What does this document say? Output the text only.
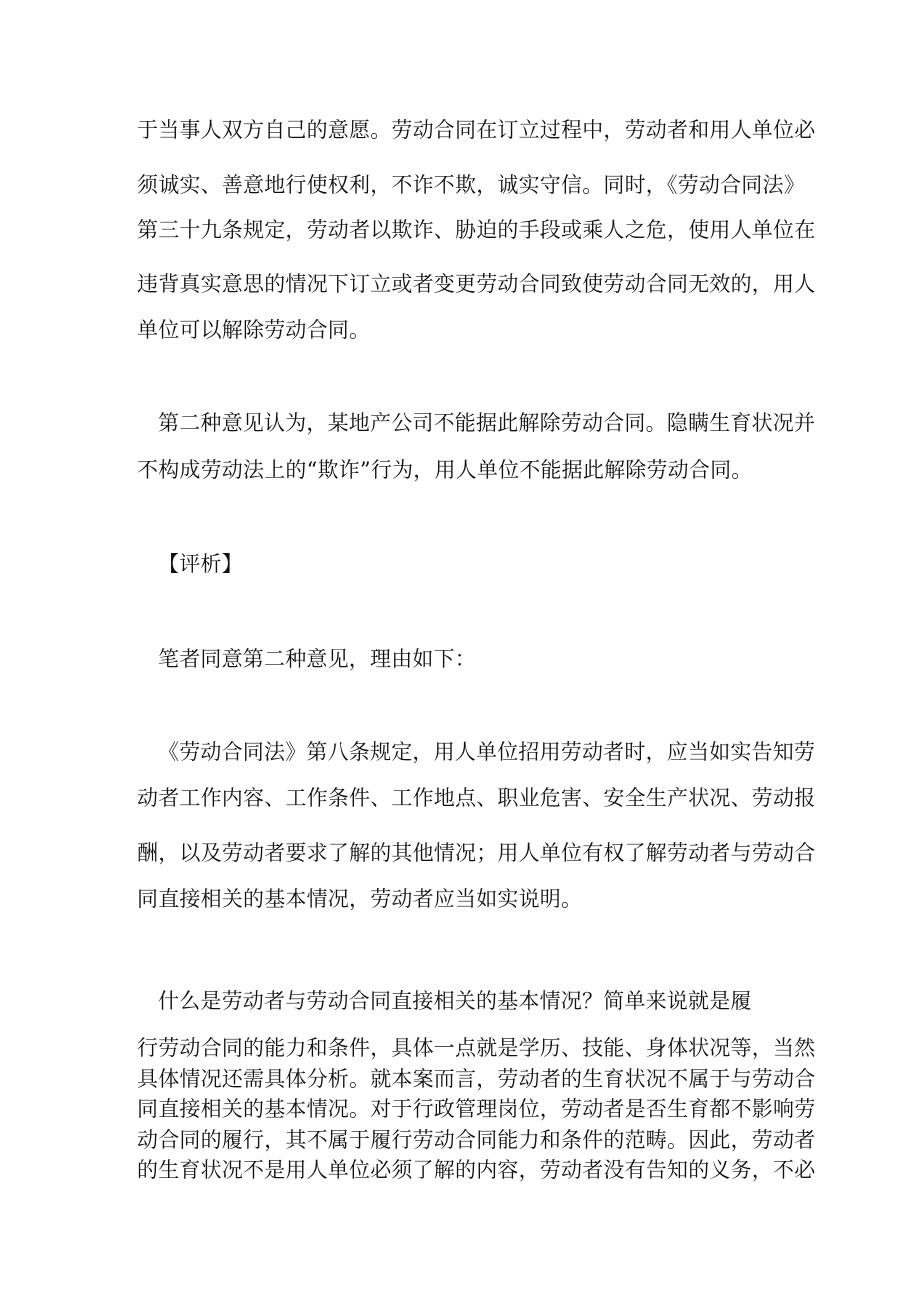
于当事人双方自己的意愿。劳动合同在订立过程中，劳动者和用人单位必
须诚实、善意地行使权利，不诈不欺，诚实守信。同时，《劳动合同法》
第三十九条规定，劳动者以欺诈、胁迫的手段或乘人之危，使用人单位在
违背真实意思的情况下订立或者变更劳动合同致使劳动合同无效的，用人
单位可以解除劳动合同。
第二种意见认为，某地产公司不能据此解除劳动合同。隐瞒生育状况并
不构成劳动法上的“欺诈”行为，用人单位不能据此解除劳动合同。
【评析】
笔者同意第二种意见，理由如下：
《劳动合同法》第八条规定，用人单位招用劳动者时，应当如实告知劳
动者工作内容、工作条件、工作地点、职业危害、安全生产状况、劳动报
酬，以及劳动者要求了解的其他情况；用人单位有权了解劳动者与劳动合
同直接相关的基本情况，劳动者应当如实说明。
什么是劳动者与劳动合同直接相关的基本情况？简单来说就是履
行劳动合同的能力和条件，具体一点就是学历、技能、身体状况等，当然
具体情况还需具体分析。就本案而言，劳动者的生育状况不属于与劳动合
同直接相关的基本情况。对于行政管理岗位，劳动者是否生育都不影响劳
动合同的履行，其不属于履行劳动合同能力和条件的范畴。因此，劳动者
的生育状况不是用人单位必须了解的内容，劳动者没有告知的义务，不必
